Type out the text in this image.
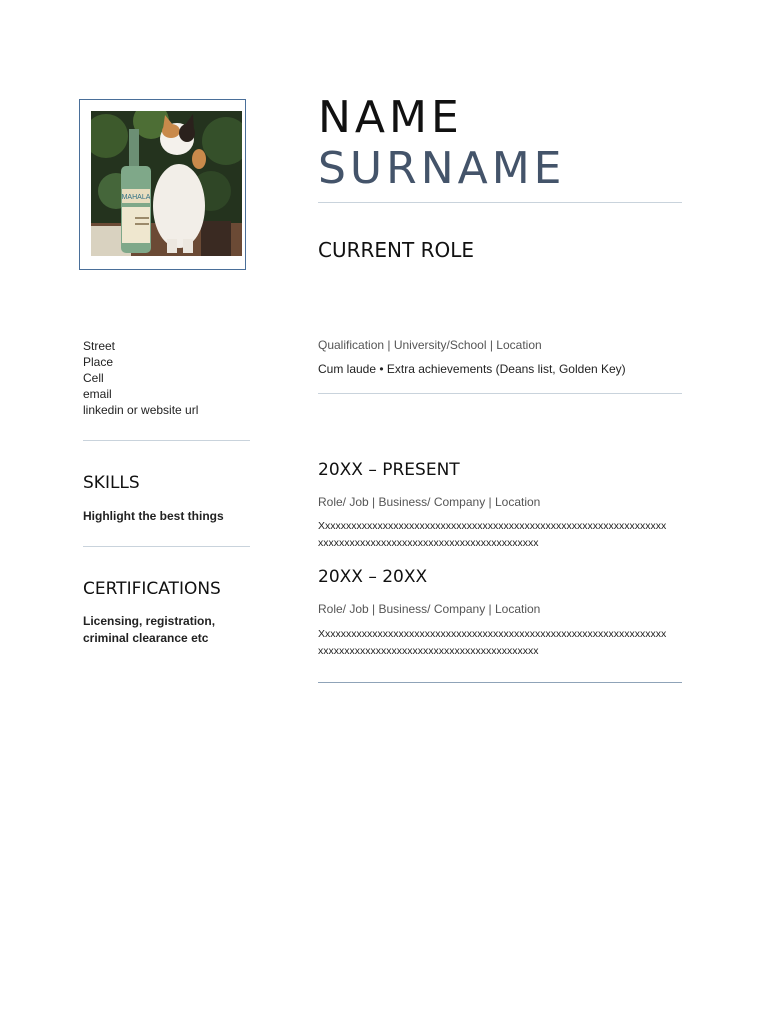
MAHALA
NAME
SURNAME
CURRENT ROLE
Street
Place
Cell
email
linkedin or website url
SKILLS
Highlight the best things
CERTIFICATIONS
Licensing, registration,
criminal clearance etc
Qualification | University/School | Location
Cum laude • Extra achievements (Deans list, Golden Key)
20XX – PRESENT
Role/ Job | Business/ Company | Location
Xxxxxxxxxxxxxxxxxxxxxxxxxxxxxxxxxxxxxxxxxxxxxxxxxxxxxxxxxxxxxxxxxx
xxxxxxxxxxxxxxxxxxxxxxxxxxxxxxxxxxxxxxxxxx
20XX – 20XX
Role/ Job | Business/ Company | Location
Xxxxxxxxxxxxxxxxxxxxxxxxxxxxxxxxxxxxxxxxxxxxxxxxxxxxxxxxxxxxxxxxxx
xxxxxxxxxxxxxxxxxxxxxxxxxxxxxxxxxxxxxxxxxx
